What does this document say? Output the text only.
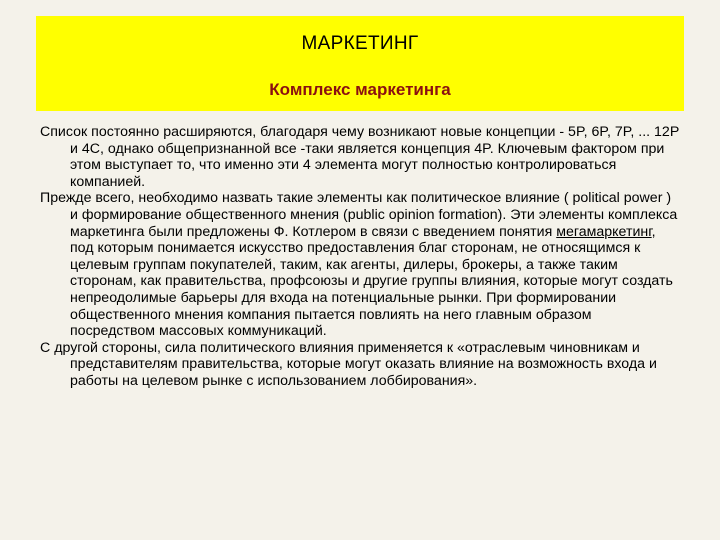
МАРКЕТИНГ
Комплекс маркетинга

Список постоянно расширяются, благодаря чему возникают новые концепции - 5P, 6P, 7P, ... 12P и 4C, однако общепризнанной все -таки является концепция 4P. Ключевым фактором при этом выступает то, что именно эти 4 элемента могут полностью контролироваться компанией.

Прежде всего, необходимо назвать такие элементы как политическое влияние ( political power ) и формирование общественного мнения (public opinion formation). Эти элементы комплекса маркетинга были предложены Ф. Котлером в связи с введением понятия мегамаркетинг, под которым понимается искусство предоставления благ сторонам, не относящимся к целевым группам покупателей, таким, как агенты, дилеры, брокеры, а также таким сторонам, как правительства, профсоюзы и другие группы влияния, которые могут создать непреодолимые барьеры для входа на потенциальные рынки. При формировании общественного мнения компания пытается повлиять на него главным образом посредством массовых коммуникаций.

С другой стороны, сила политического влияния применяется к «отраслевым чиновникам и представителям правительства, которые могут оказать влияние на возможность входа и работы на целевом рынке с использованием лоббирования».
